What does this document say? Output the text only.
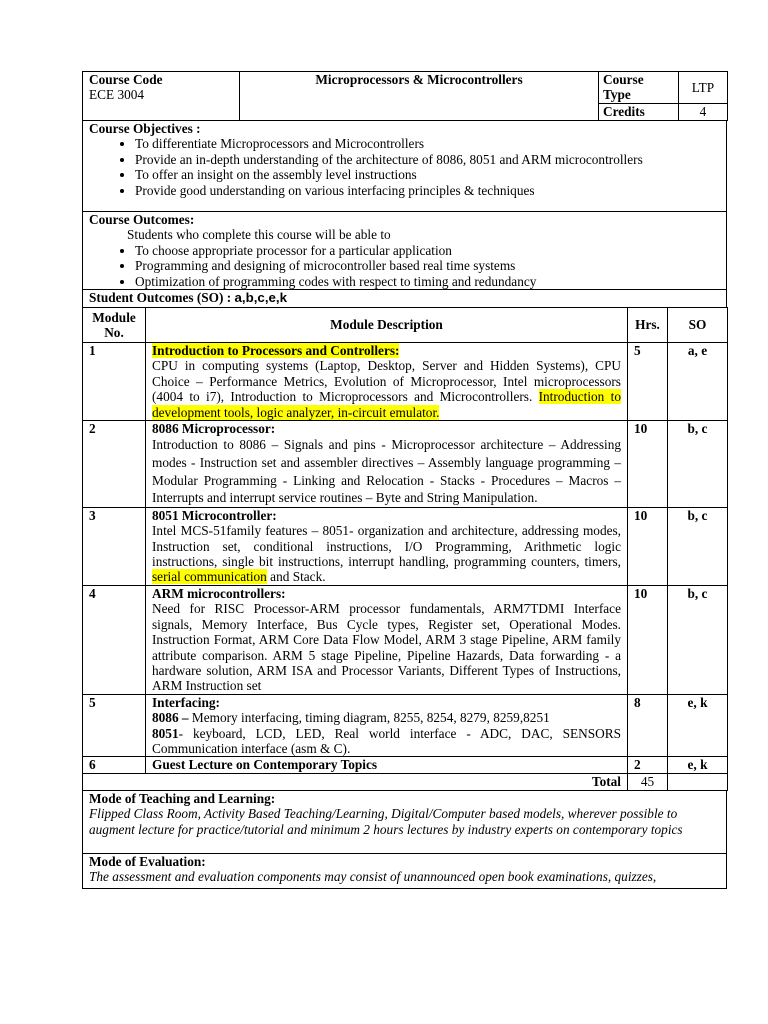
Course Code
ECE 3004	Microprocessors & Microcontrollers	Course Type	LTP
		Credits	4
Course Objectives :
• To differentiate Microprocessors and Microcontrollers
• Provide an in-depth understanding of the architecture of 8086, 8051 and ARM microcontrollers
• To offer an insight on the assembly level instructions
• Provide good understanding on various interfacing principles & techniques

Course Outcomes:
Students who complete this course will be able to
• To choose appropriate processor for a particular application
• Programming and designing of microcontroller based real time systems
• Optimization of programming codes with respect to timing and redundancy

Student Outcomes (SO) : a,b,c,e,k
Module No.	Module Description	Hrs.	SO
1	Introduction to Processors and Controllers:
CPU in computing systems (Laptop, Desktop, Server and Hidden Systems), CPU Choice – Performance Metrics, Evolution of Microprocessor, Intel microprocessors (4004 to i7), Introduction to Microprocessors and Microcontrollers. Introduction to development tools, logic analyzer, in-circuit emulator.	5	a, e
2	8086 Microprocessor:
Introduction to 8086 – Signals and pins - Microprocessor architecture – Addressing modes - Instruction set and assembler directives – Assembly language programming – Modular Programming - Linking and Relocation - Stacks - Procedures – Macros – Interrupts and interrupt service routines – Byte and String Manipulation.	10	b, c
3	8051 Microcontroller:
Intel MCS-51family features – 8051- organization and architecture, addressing modes, Instruction set, conditional instructions, I/O Programming, Arithmetic logic instructions, single bit instructions, interrupt handling, programming counters, timers, serial communication and Stack.	10	b, c
4	ARM microcontrollers:
Need for RISC Processor-ARM processor fundamentals, ARM7TDMI Interface signals, Memory Interface, Bus Cycle types, Register set, Operational Modes. Instruction Format, ARM Core Data Flow Model, ARM 3 stage Pipeline, ARM family attribute comparison. ARM 5 stage Pipeline, Pipeline Hazards, Data forwarding - a hardware solution, ARM ISA and Processor Variants, Different Types of Instructions, ARM Instruction set	10	b, c
5	Interfacing:
8086 – Memory interfacing, timing diagram, 8255, 8254, 8279, 8259,8251
8051- keyboard, LCD, LED, Real world interface - ADC, DAC, SENSORS Communication interface (asm & C).	8	e, k
6	Guest Lecture on Contemporary Topics	2	e, k
Total		45	
Mode of Teaching and Learning:
Flipped Class Room, Activity Based Teaching/Learning, Digital/Computer based models, wherever possible to augment lecture for practice/tutorial and minimum 2 hours lectures by industry experts on contemporary topics

Mode of Evaluation:
The assessment and evaluation components may consist of unannounced open book examinations, quizzes,
